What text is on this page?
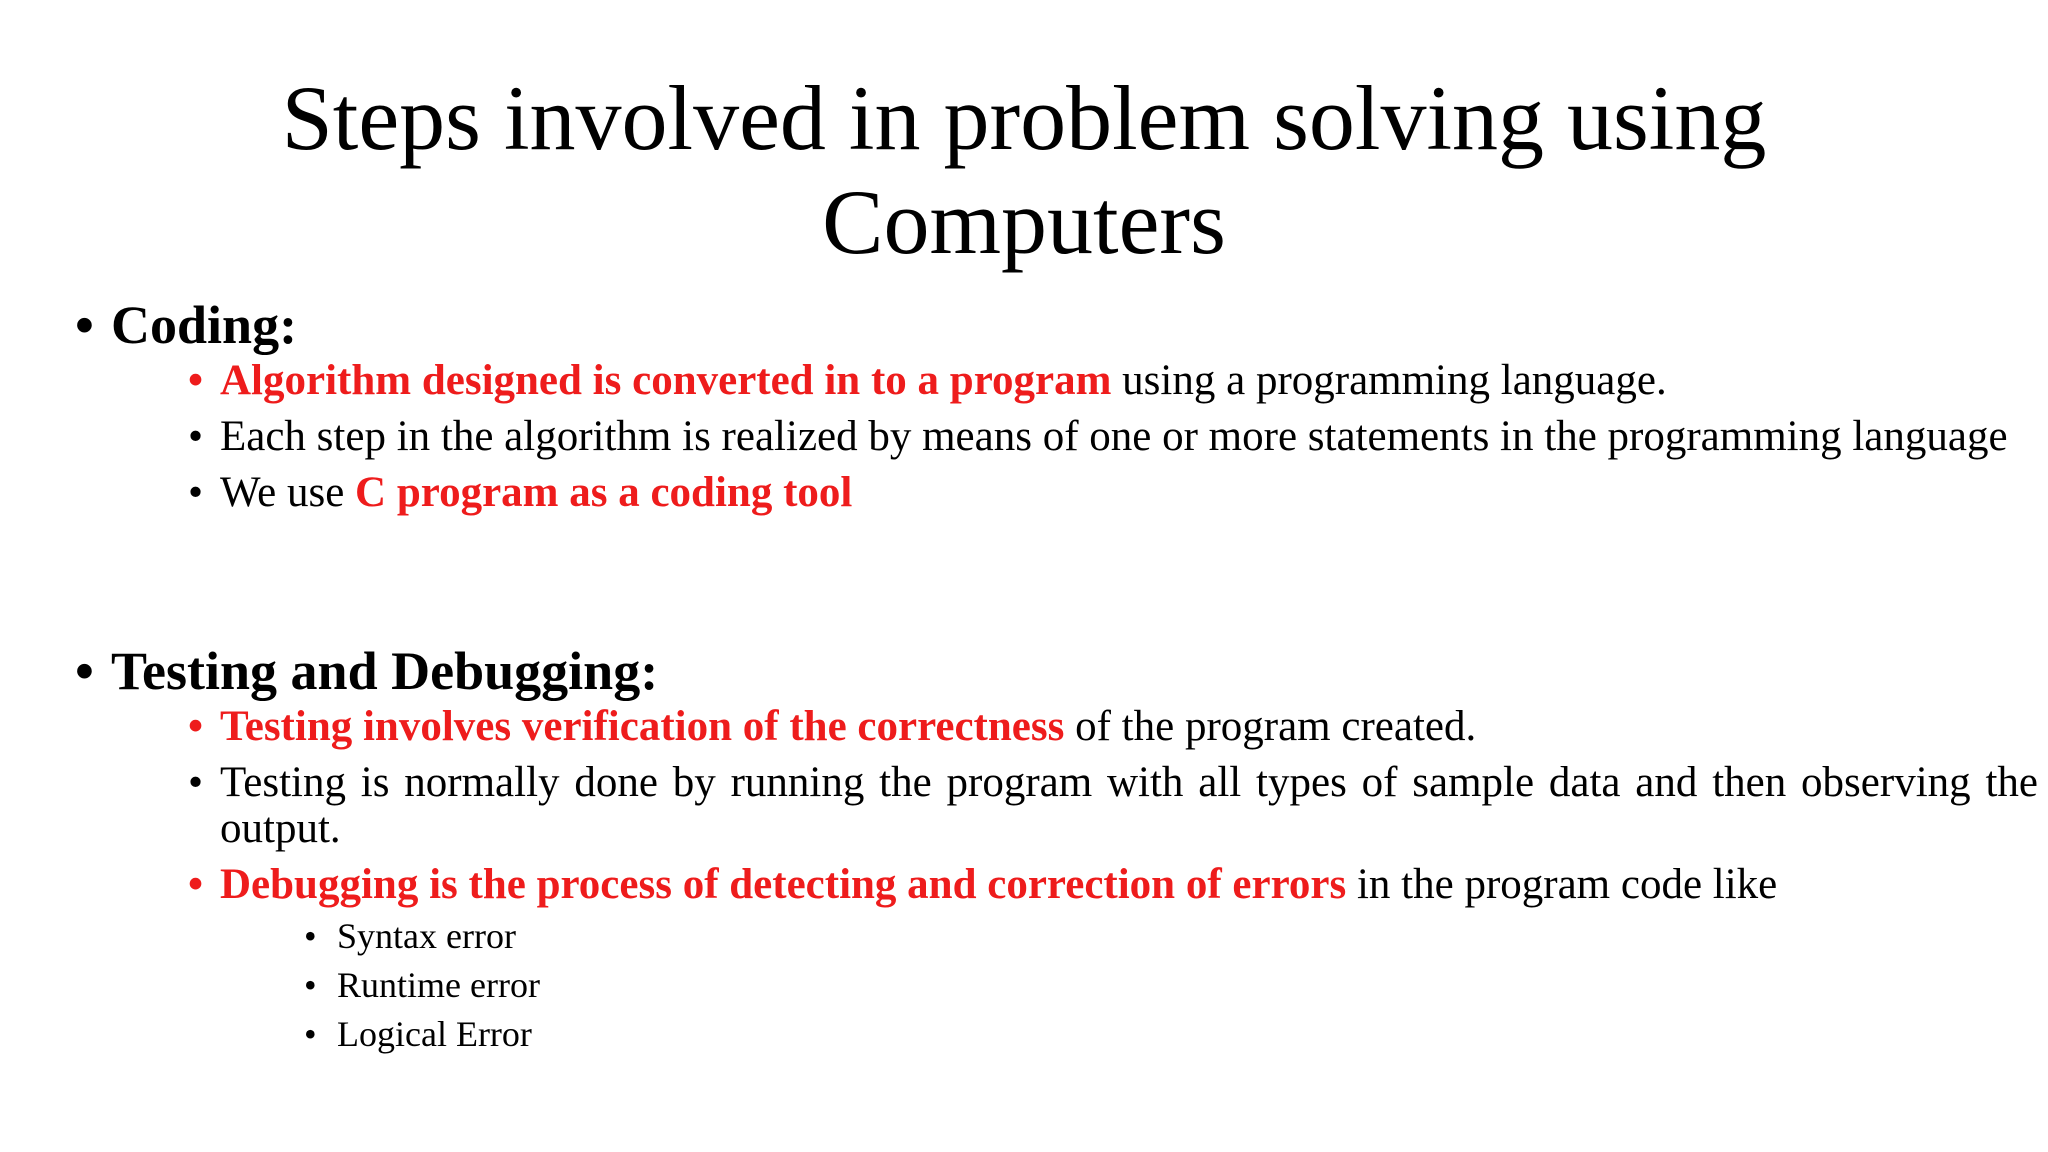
Steps involved in problem solving using
Computers
• Coding:
• Algorithm designed is converted in to a program using a programming language.
• Each step in the algorithm is realized by means of one or more statements in the programming language
• We use C program as a coding tool
• Testing and Debugging:
• Testing involves verification of the correctness of the program created.
• Testing is normally done by running the program with all types of sample data and then observing the output.
• Debugging is the process of detecting and correction of errors in the program code like
• Syntax error
• Runtime error
• Logical Error
